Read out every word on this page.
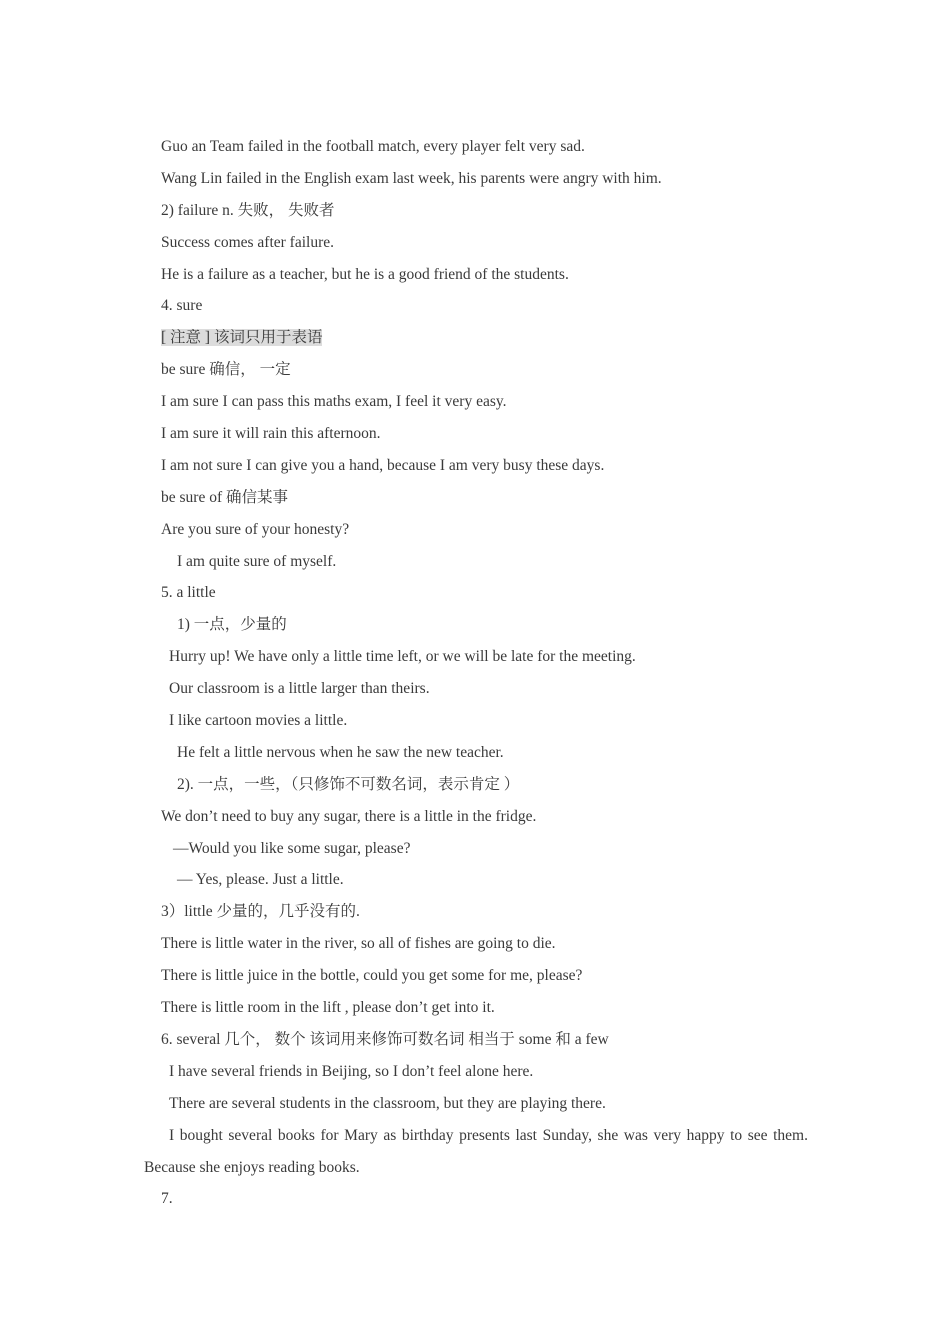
Guo an Team failed in the football match, every player felt very sad.
Wang Lin failed in the English exam last week, his parents were angry with him.
2) failure n. 失败， 失败者
Success comes after failure.
He is a failure as a teacher, but he is a good friend of the students.
4. sure
[ 注意 ] 该词只用于表语
be sure 确信， 一定
I am sure I can pass this maths exam, I feel it very easy.
I am sure it will rain this afternoon.
I am not sure I can give you a hand, because I am very busy these days.
be sure of 确信某事
Are you sure of your honesty?
I am quite sure of myself.
5. a little
1) 一点，少量的
Hurry up! We have only a little time left, or we will be late for the meeting.
Our classroom is a little larger than theirs.
I like cartoon movies a little.
He felt a little nervous when he saw the new teacher.
2). 一点，一些，（只修饰不可数名词，表示肯定 ）
We don’t need to buy any sugar, there is a little in the fridge.
—Would you like some sugar, please?
— Yes, please. Just a little.
3）little 少量的，几乎没有的.
There is little water in the river, so all of fishes are going to die.
There is little juice in the bottle, could you get some for me, please?
There is little room in the lift , please don’t get into it.
6. several 几个， 数个 该词用来修饰可数名词 相当于 some 和 a few
I have several friends in Beijing, so I don’t feel alone here.
There are several students in the classroom, but they are playing there.
I bought several books for Mary as birthday presents last Sunday, she was very happy to see them. Because she enjoys reading books.
7.
